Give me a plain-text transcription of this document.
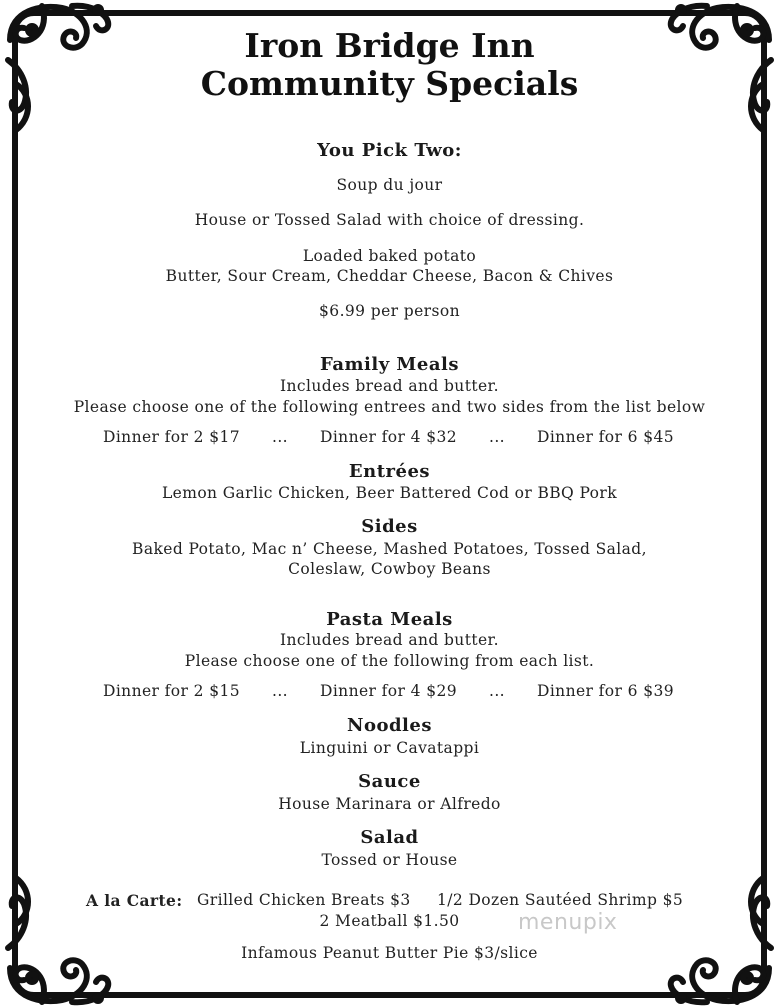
Iron Bridge Inn
Community Specials
You Pick Two:
Soup du jour
House or Tossed Salad with choice of dressing.
Loaded baked potato
Butter, Sour Cream, Cheddar Cheese, Bacon & Chives
$6.99 per person
Family Meals
Includes bread and butter.
Please choose one of the following entrees and two sides from the list below
Dinner for 2 $17 ... Dinner for 4 $32 ... Dinner for 6 $45
Entrées
Lemon Garlic Chicken, Beer Battered Cod or BBQ Pork
Sides
Baked Potato, Mac n’ Cheese, Mashed Potatoes, Tossed Salad,
Coleslaw, Cowboy Beans
Pasta Meals
Includes bread and butter.
Please choose one of the following from each list.
Dinner for 2 $15 ... Dinner for 4 $29 ... Dinner for 6 $39
Noodles
Linguini or Cavatappi
Sauce
House Marinara or Alfredo
Salad
Tossed or House
A la Carte: Grilled Chicken Breats $3 1/2 Dozen Sautéed Shrimp $5
2 Meatball $1.50
Infamous Peanut Butter Pie $3/slice
menupix
